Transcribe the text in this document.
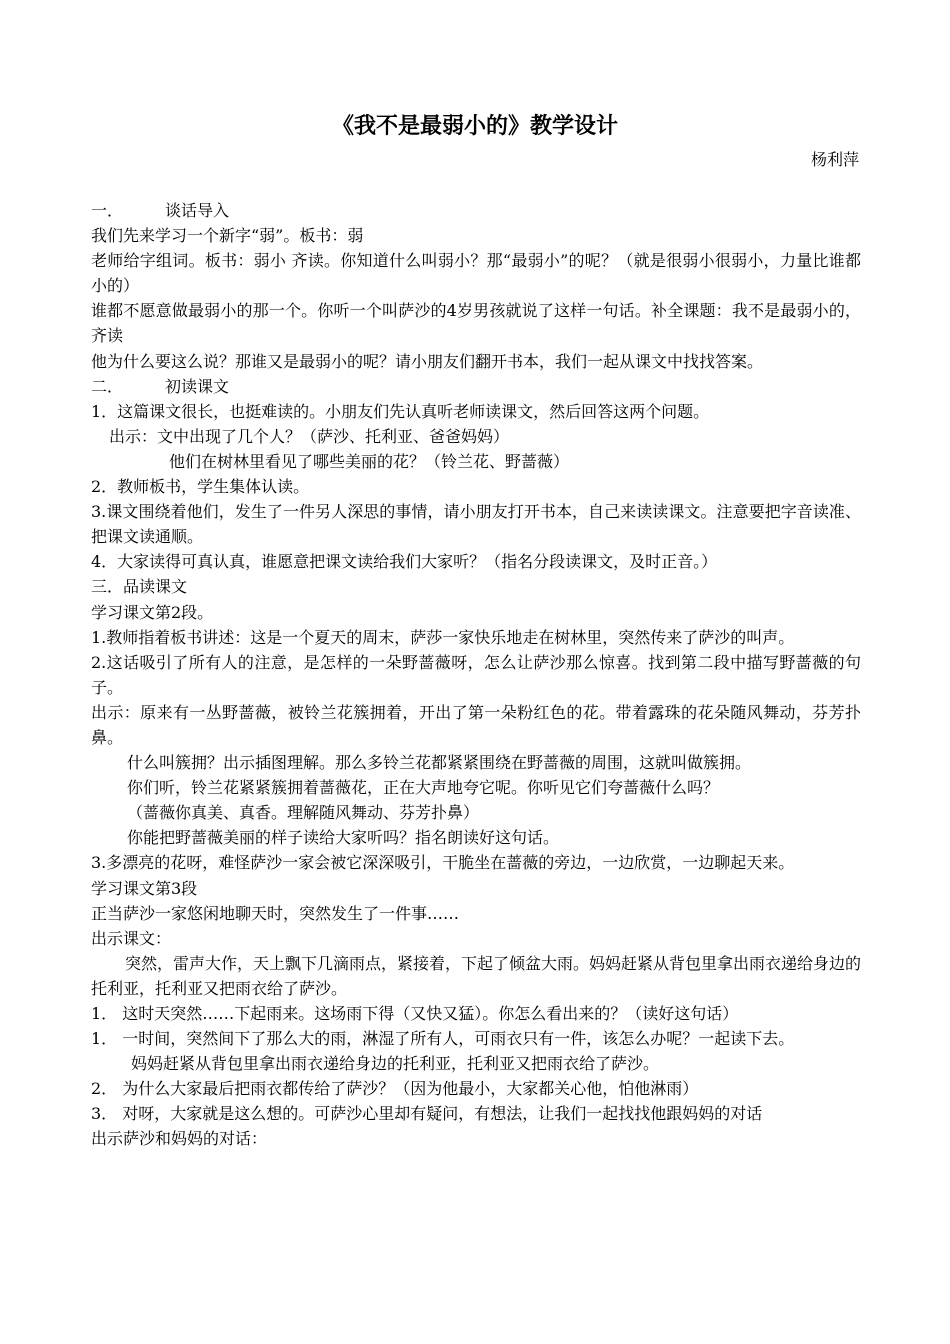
《我不是最弱小的》教学设计
杨利萍

一．	谈话导入

我们先来学习一个新字“弱”。板书：弱

老师给字组词。板书：弱小 齐读。你知道什么叫弱小？那“最弱小”的呢？（就是很弱小很弱小，力量比谁都小的）

谁都不愿意做最弱小的那一个。你听一个叫萨沙的4岁男孩就说了这样一句话。补全课题：我不是最弱小的，齐读

他为什么要这么说？那谁又是最弱小的呢？请小朋友们翻开书本，我们一起从课文中找找答案。

二．	初读课文

1．这篇课文很长，也挺难读的。小朋友们先认真听老师读课文，然后回答这两个问题。

出示：文中出现了几个人？（萨沙、托利亚、爸爸妈妈）

他们在树林里看见了哪些美丽的花？（铃兰花、野蔷薇）

2．教师板书，学生集体认读。

3.课文围绕着他们，发生了一件另人深思的事情，请小朋友打开书本，自己来读读课文。注意要把字音读准、把课文读通顺。

4．大家读得可真认真，谁愿意把课文读给我们大家听？（指名分段读课文，及时正音。）

三．品读课文

学习课文第2段。

1.教师指着板书讲述：这是一个夏天的周末，萨莎一家快乐地走在树林里，突然传来了萨沙的叫声。

2.这话吸引了所有人的注意，是怎样的一朵野蔷薇呀，怎么让萨沙那么惊喜。找到第二段中描写野蔷薇的句子。

出示：原来有一丛野蔷薇，被铃兰花簇拥着，开出了第一朵粉红色的花。带着露珠的花朵随风舞动，芬芳扑鼻。

什么叫簇拥？出示插图理解。那么多铃兰花都紧紧围绕在野蔷薇的周围，这就叫做簇拥。

你们听，铃兰花紧紧簇拥着蔷薇花，正在大声地夸它呢。你听见它们夸蔷薇什么吗？

（蔷薇你真美、真香。理解随风舞动、芬芳扑鼻）

你能把野蔷薇美丽的样子读给大家听吗？指名朗读好这句话。

3.多漂亮的花呀，难怪萨沙一家会被它深深吸引，干脆坐在蔷薇的旁边，一边欣赏，一边聊起天来。

学习课文第3段

正当萨沙一家悠闲地聊天时，突然发生了一件事……

出示课文：

突然，雷声大作，天上飘下几滴雨点，紧接着，下起了倾盆大雨。妈妈赶紧从背包里拿出雨衣递给身边的托利亚，托利亚又把雨衣给了萨沙。

1． 这时天突然……下起雨来。这场雨下得（又快又猛）。你怎么看出来的？（读好这句话）

1． 一时间，突然间下了那么大的雨，淋湿了所有人，可雨衣只有一件，该怎么办呢？一起读下去。

妈妈赶紧从背包里拿出雨衣递给身边的托利亚，托利亚又把雨衣给了萨沙。

2． 为什么大家最后把雨衣都传给了萨沙？（因为他最小，大家都关心他，怕他淋雨）

3． 对呀，大家就是这么想的。可萨沙心里却有疑问，有想法，让我们一起找找他跟妈妈的对话

出示萨沙和妈妈的对话：
